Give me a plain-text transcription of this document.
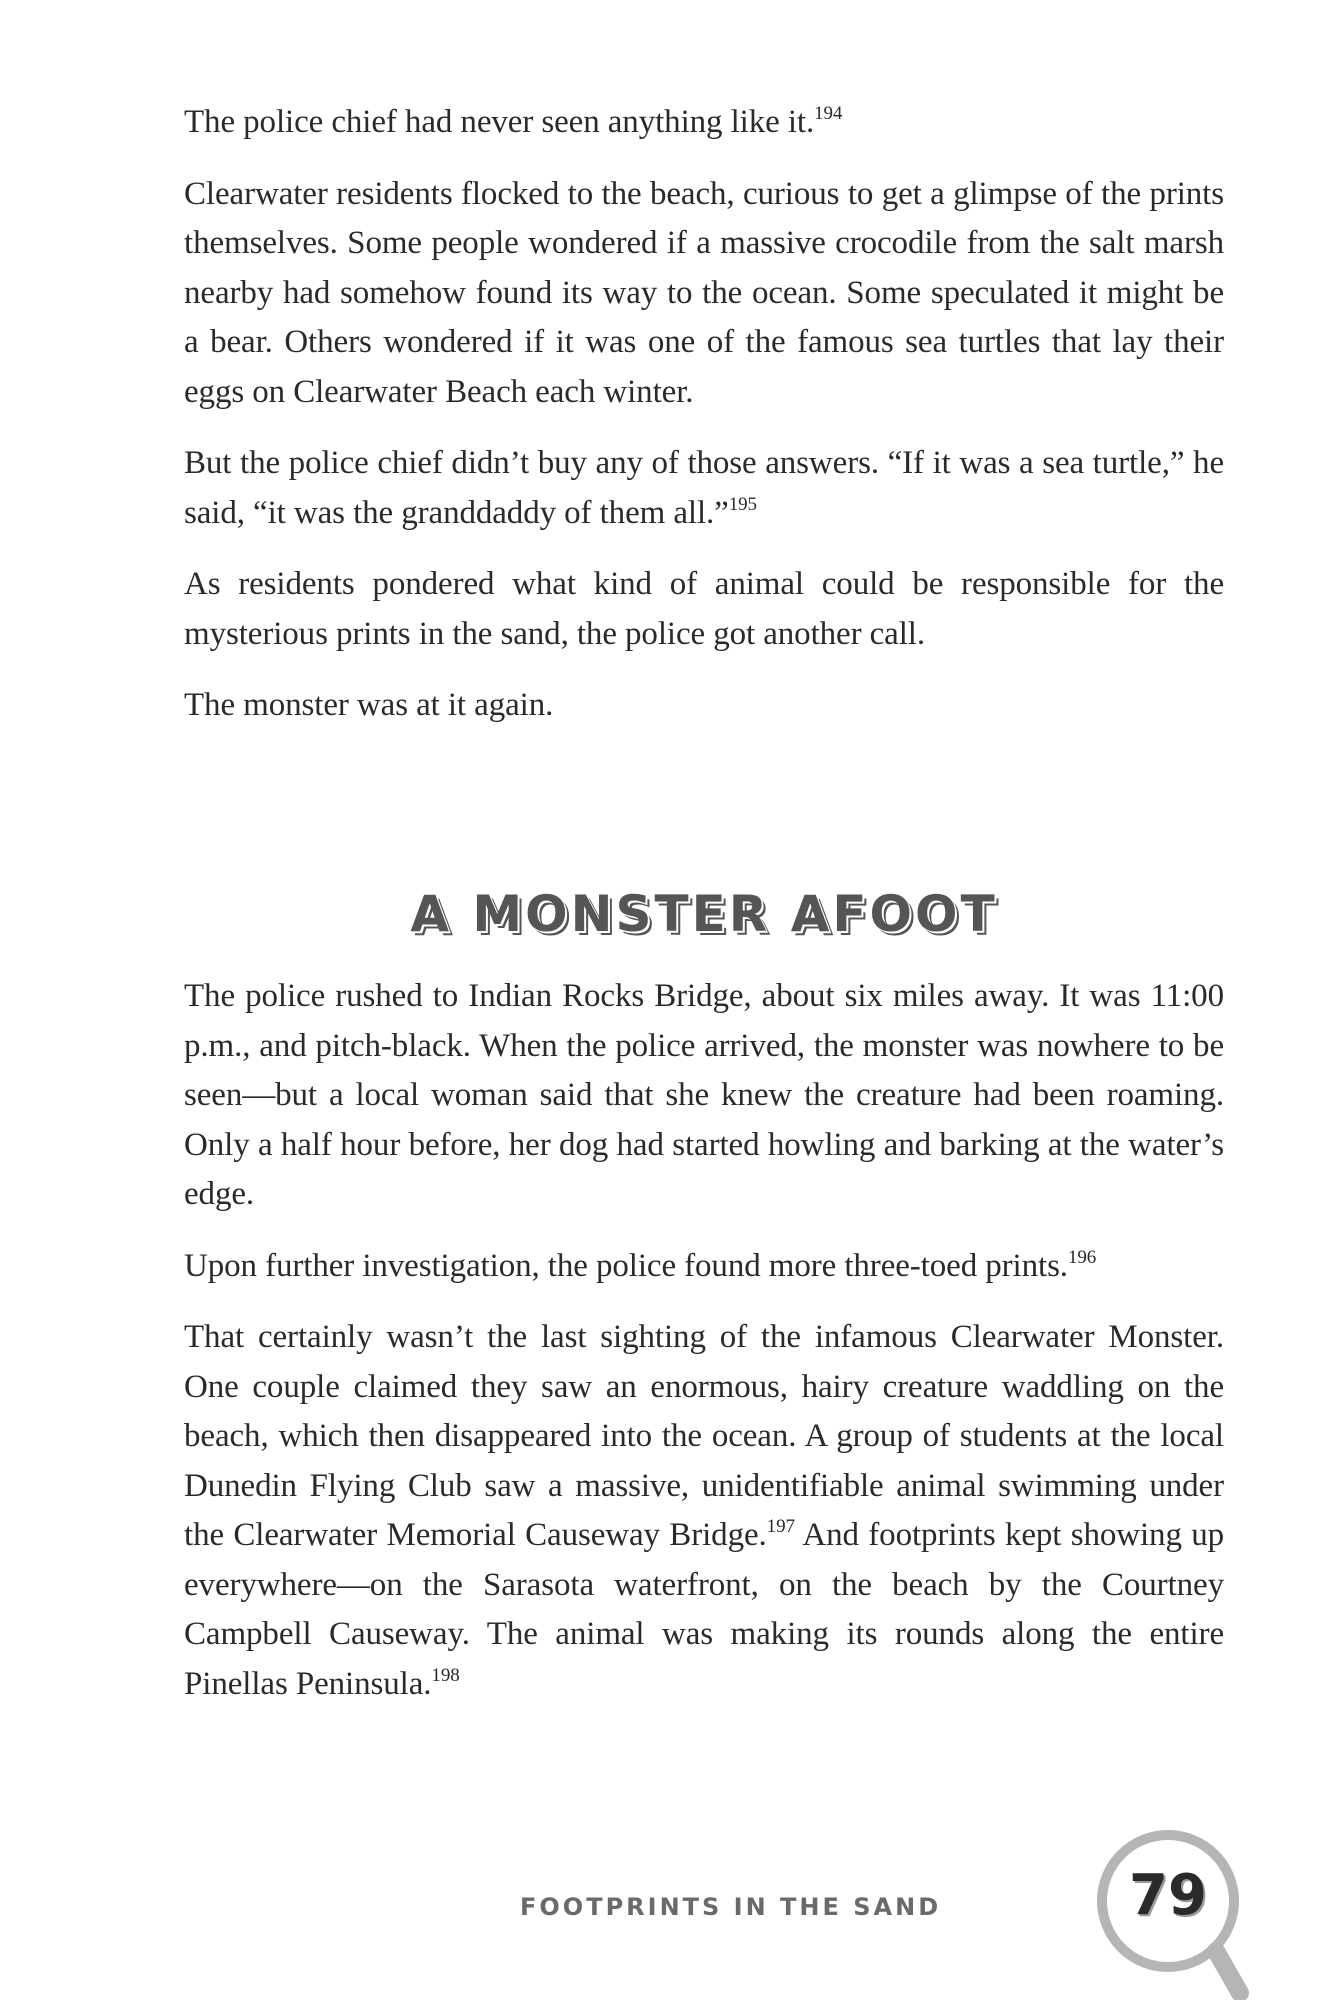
The police chief had never seen anything like it.$^{194}$

Clearwater residents flocked to the beach, curious to get a glimpse of the prints themselves. Some people wondered if a massive crocodile from the salt marsh nearby had somehow found its way to the ocean. Some speculated it might be a bear. Others wondered if it was one of the famous sea turtles that lay their eggs on Clearwater Beach each winter.

But the police chief didn’t buy any of those answers. “If it was a sea turtle,” he said, “it was the granddaddy of them all.”$^{195}$

As residents pondered what kind of animal could be responsible for the mysterious prints in the sand, the police got another call.

The monster was at it again.

A MONSTER AFOOT

The police rushed to Indian Rocks Bridge, about six miles away. It was 11:00 p.m., and pitch-black. When the police arrived, the monster was nowhere to be seen—but a local woman said that she knew the creature had been roaming. Only a half hour before, her dog had started howling and barking at the water’s edge.

Upon further investigation, the police found more three-toed prints.$^{196}$

That certainly wasn’t the last sighting of the infamous Clearwater Monster. One couple claimed they saw an enormous, hairy creature waddling on the beach, which then disappeared into the ocean. A group of students at the local Dunedin Flying Club saw a massive, unidentifiable animal swimming under the Clearwater Memorial Causeway Bridge.$^{197}$ And footprints kept showing up everywhere—on the Sarasota waterfront, on the beach by the Courtney Campbell Causeway. The animal was making its rounds along the entire Pinellas Peninsula.$^{198}$

FOOTPRINTS IN THE SAND	79
